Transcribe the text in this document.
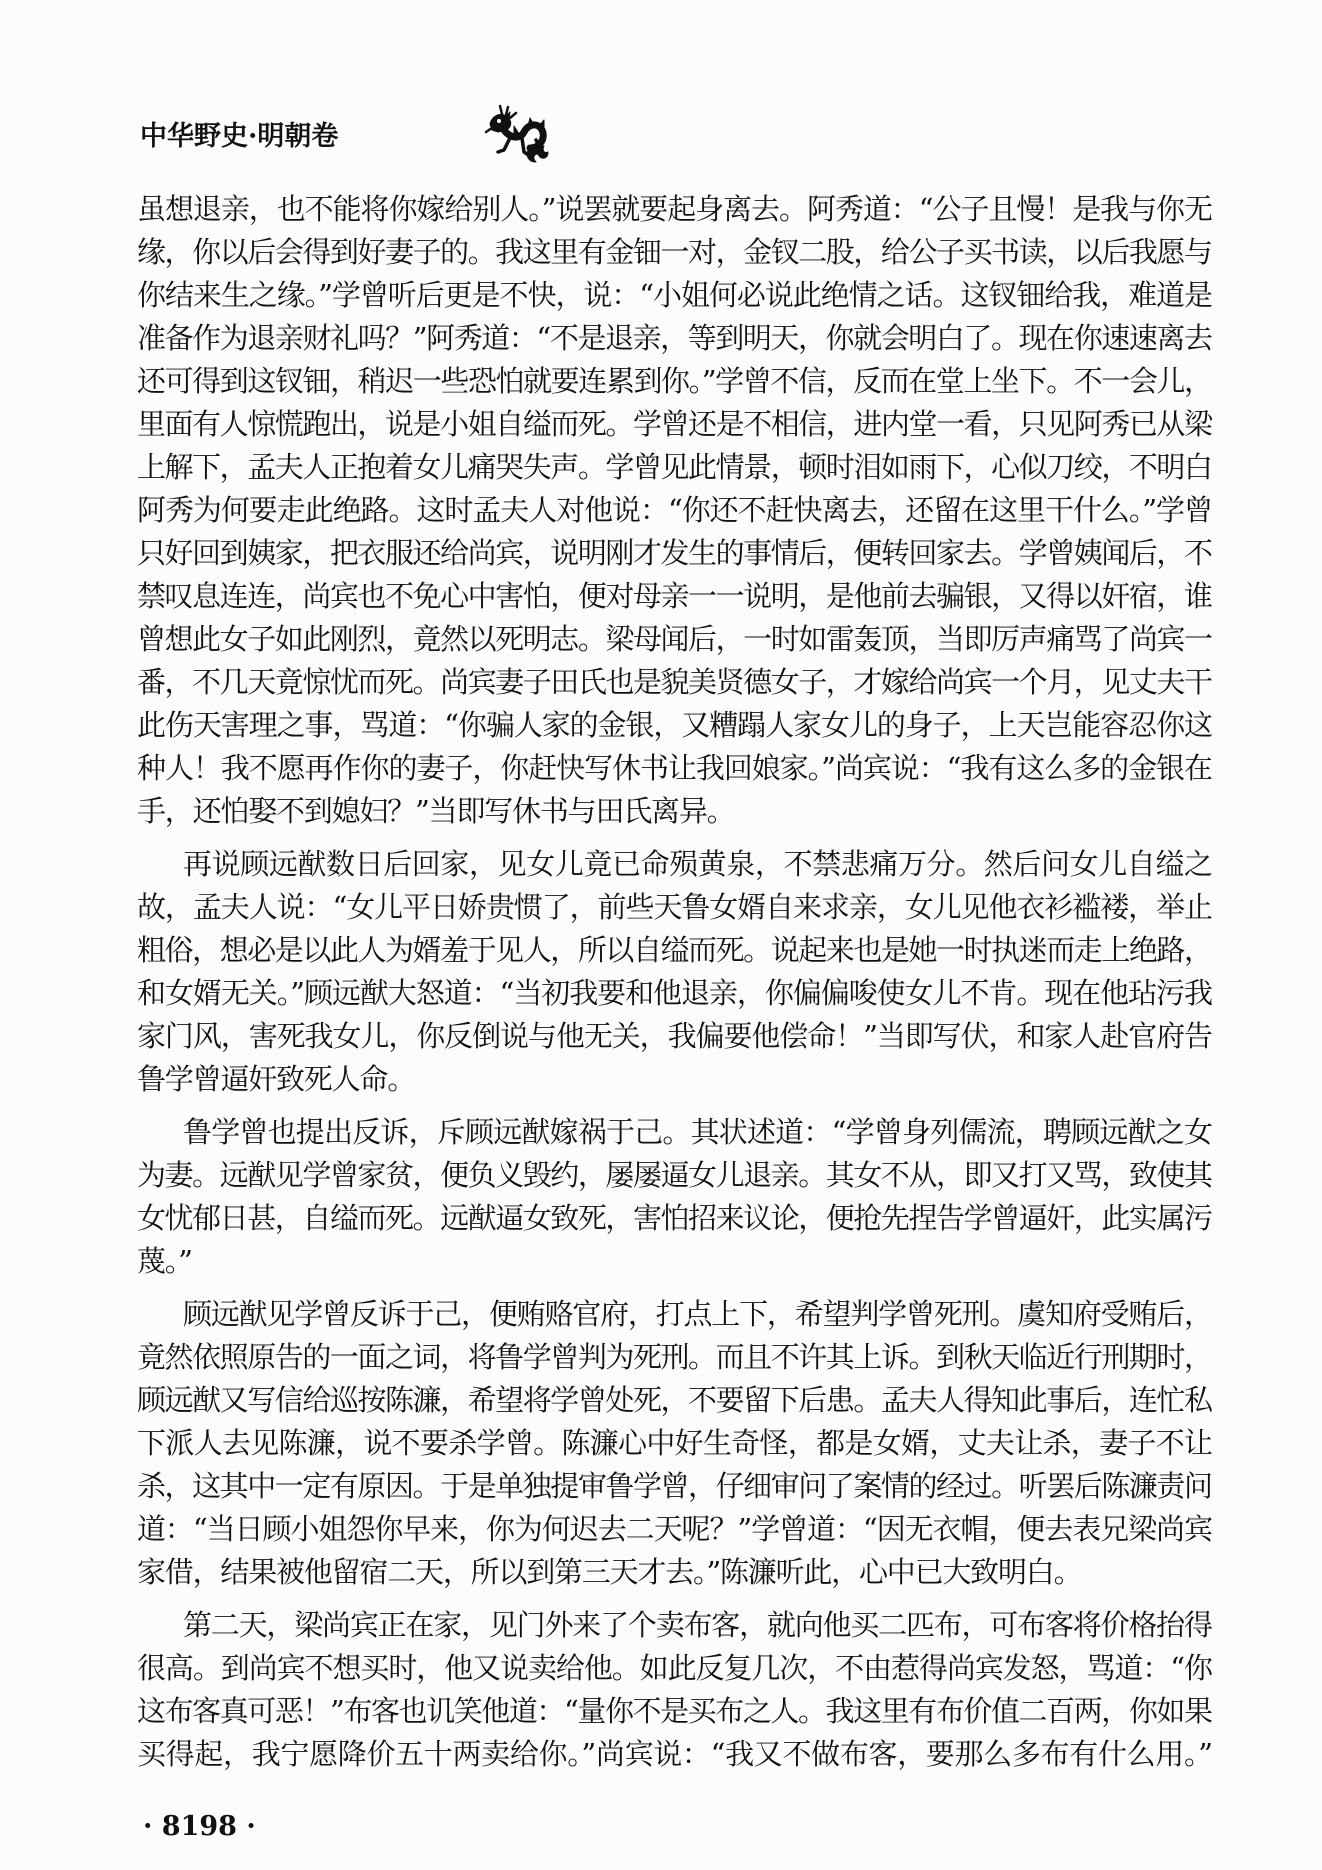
中华野史·明朝卷
虽想退亲，也不能将你嫁给别人。”说罢就要起身离去。阿秀道：“公子且慢！是我与你无
缘，你以后会得到好妻子的。我这里有金钿一对，金钗二股，给公子买书读，以后我愿与
你结来生之缘。”学曾听后更是不快，说：“小姐何必说此绝情之话。这钗钿给我，难道是
准备作为退亲财礼吗？”阿秀道：“不是退亲，等到明天，你就会明白了。现在你速速离去
还可得到这钗钿，稍迟一些恐怕就要连累到你。”学曾不信，反而在堂上坐下。不一会儿，
里面有人惊慌跑出，说是小姐自缢而死。学曾还是不相信，进内堂一看，只见阿秀已从梁
上解下，孟夫人正抱着女儿痛哭失声。学曾见此情景，顿时泪如雨下，心似刀绞，不明白
阿秀为何要走此绝路。这时孟夫人对他说：“你还不赶快离去，还留在这里干什么。”学曾
只好回到姨家，把衣服还给尚宾，说明刚才发生的事情后，便转回家去。学曾姨闻后，不
禁叹息连连，尚宾也不免心中害怕，便对母亲一一说明，是他前去骗银，又得以奸宿，谁
曾想此女子如此刚烈，竟然以死明志。梁母闻后，一时如雷轰顶，当即厉声痛骂了尚宾一
番，不几天竟惊忧而死。尚宾妻子田氏也是貌美贤德女子，才嫁给尚宾一个月，见丈夫干
此伤天害理之事，骂道：“你骗人家的金银，又糟蹋人家女儿的身子，上天岂能容忍你这
种人！我不愿再作你的妻子，你赶快写休书让我回娘家。”尚宾说：“我有这么多的金银在
手，还怕娶不到媳妇？”当即写休书与田氏离异。
再说顾远猷数日后回家，见女儿竟已命殒黄泉，不禁悲痛万分。然后问女儿自缢之
故，孟夫人说：“女儿平日娇贵惯了，前些天鲁女婿自来求亲，女儿见他衣衫褴褛，举止
粗俗，想必是以此人为婿羞于见人，所以自缢而死。说起来也是她一时执迷而走上绝路，
和女婿无关。”顾远猷大怒道：“当初我要和他退亲，你偏偏唆使女儿不肯。现在他玷污我
家门风，害死我女儿，你反倒说与他无关，我偏要他偿命！”当即写伏，和家人赴官府告
鲁学曾逼奸致死人命。
鲁学曾也提出反诉，斥顾远猷嫁祸于己。其状述道：“学曾身列儒流，聘顾远猷之女
为妻。远猷见学曾家贫，便负义毁约，屡屡逼女儿退亲。其女不从，即又打又骂，致使其
女忧郁日甚，自缢而死。远猷逼女致死，害怕招来议论，便抢先捏告学曾逼奸，此实属污
蔑。”
顾远猷见学曾反诉于己，便贿赂官府，打点上下，希望判学曾死刑。虞知府受贿后，
竟然依照原告的一面之词，将鲁学曾判为死刑。而且不许其上诉。到秋天临近行刑期时，
顾远猷又写信给巡按陈濂，希望将学曾处死，不要留下后患。孟夫人得知此事后，连忙私
下派人去见陈濂，说不要杀学曾。陈濂心中好生奇怪，都是女婿，丈夫让杀，妻子不让
杀，这其中一定有原因。于是单独提审鲁学曾，仔细审问了案情的经过。听罢后陈濂责问
道：“当日顾小姐怨你早来，你为何迟去二天呢？”学曾道：“因无衣帽，便去表兄梁尚宾
家借，结果被他留宿二天，所以到第三天才去。”陈濂听此，心中已大致明白。
第二天，梁尚宾正在家，见门外来了个卖布客，就向他买二匹布，可布客将价格抬得
很高。到尚宾不想买时，他又说卖给他。如此反复几次，不由惹得尚宾发怒，骂道：“你
这布客真可恶！”布客也讥笑他道：“量你不是买布之人。我这里有布价值二百两，你如果
买得起，我宁愿降价五十两卖给你。”尚宾说：“我又不做布客，要那么多布有什么用。”
· 8198 ·
